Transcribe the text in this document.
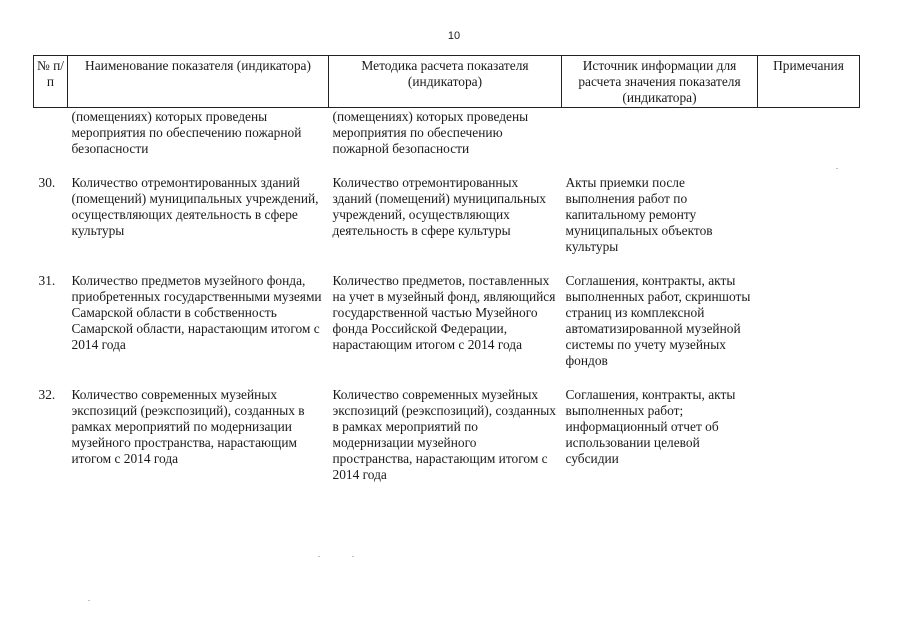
10
№ п/п	Наименование показателя (индикатора)	Методика расчета показателя (индикатора)	Источник информации для расчета значения показателя (индикатора)	Примечания
	(помещениях) которых проведены мероприятия по обеспечению пожарной безопасности	(помещениях) которых проведены мероприятия по обеспечению пожарной безопасности		
30.	Количество отремонтированных зданий (помещений) муниципальных учреждений, осуществляющих деятельность в сфере культуры	Количество отремонтированных зданий (помещений) муниципальных учреждений, осуществляющих деятельность в сфере культуры	Акты приемки после выполнения работ по капитальному ремонту муниципальных объектов культуры	
31.	Количество предметов музейного фонда, приобретенных государственными музеями Самарской области в собственность Самарской области, нарастающим итогом с 2014 года	Количество предметов, поставленных на учет в музейный фонд, являющийся государственной частью Музейного фонда Российской Федерации, нарастающим итогом с 2014 года	Соглашения, контракты, акты выполненных работ, скриншоты страниц из комплексной автоматизированной музейной системы по учету музейных фондов	
32.	Количество современных музейных экспозиций (реэкспозиций), созданных в рамках мероприятий по модернизации музейного пространства, нарастающим итогом с 2014 года	Количество современных музейных экспозиций (реэкспозиций), созданных в рамках мероприятий по модернизации музейного пространства, нарастающим итогом с 2014 года	Соглашения, контракты, акты выполненных работ; информационный отчет об использовании целевой субсидии	
